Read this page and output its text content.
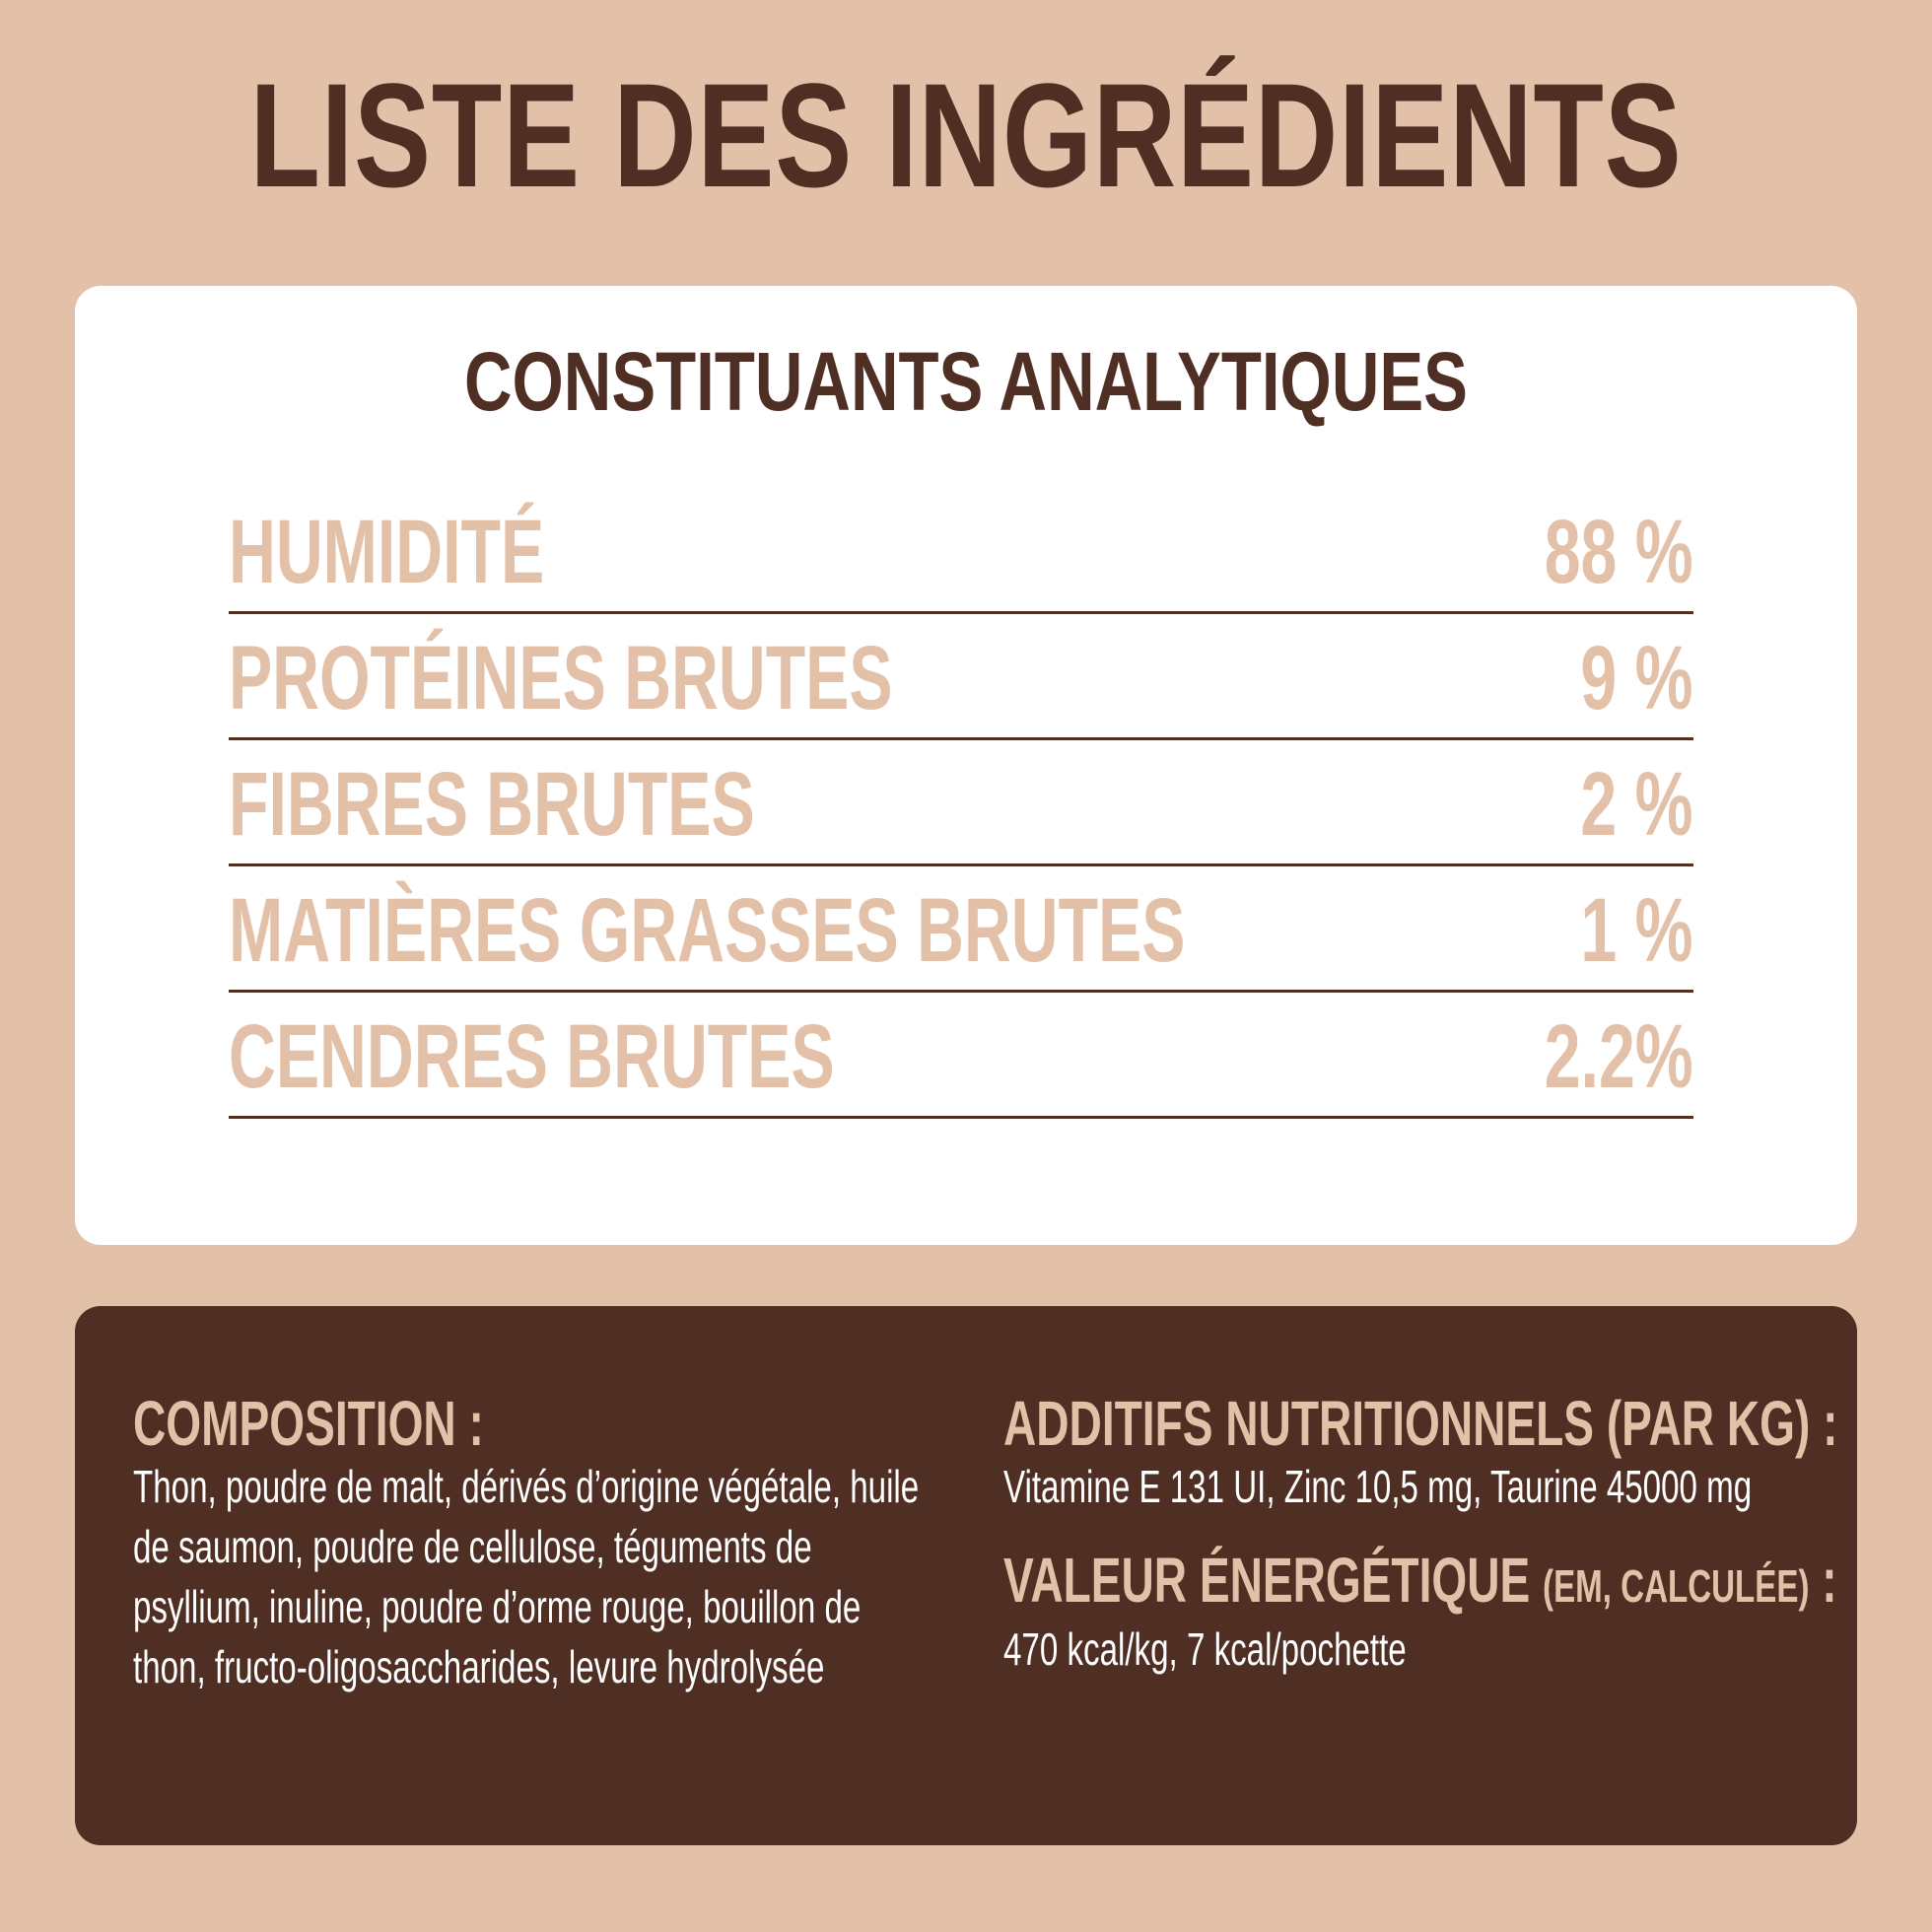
LISTE DES INGRÉDIENTS
CONSTITUANTS ANALYTIQUES
HUMIDITÉ	88 %
PROTÉINES BRUTES	9 %
FIBRES BRUTES	2 %
MATIÈRES GRASSES BRUTES	1 %
CENDRES BRUTES	2.2%
COMPOSITION :

Thon, poudre de malt, dérivés d’origine végétale, huile de saumon, poudre de cellulose, téguments de psyllium, inuline, poudre d’orme rouge, bouillon de thon, fructo-oligosaccharides, levure hydrolysée

ADDITIFS NUTRITIONNELS (PAR KG) :

Vitamine E 131 UI, Zinc 10,5 mg, Taurine 45000 mg

VALEUR ÉNERGÉTIQUE (EM, CALCULÉE) :

470 kcal/kg, 7 kcal/pochette
